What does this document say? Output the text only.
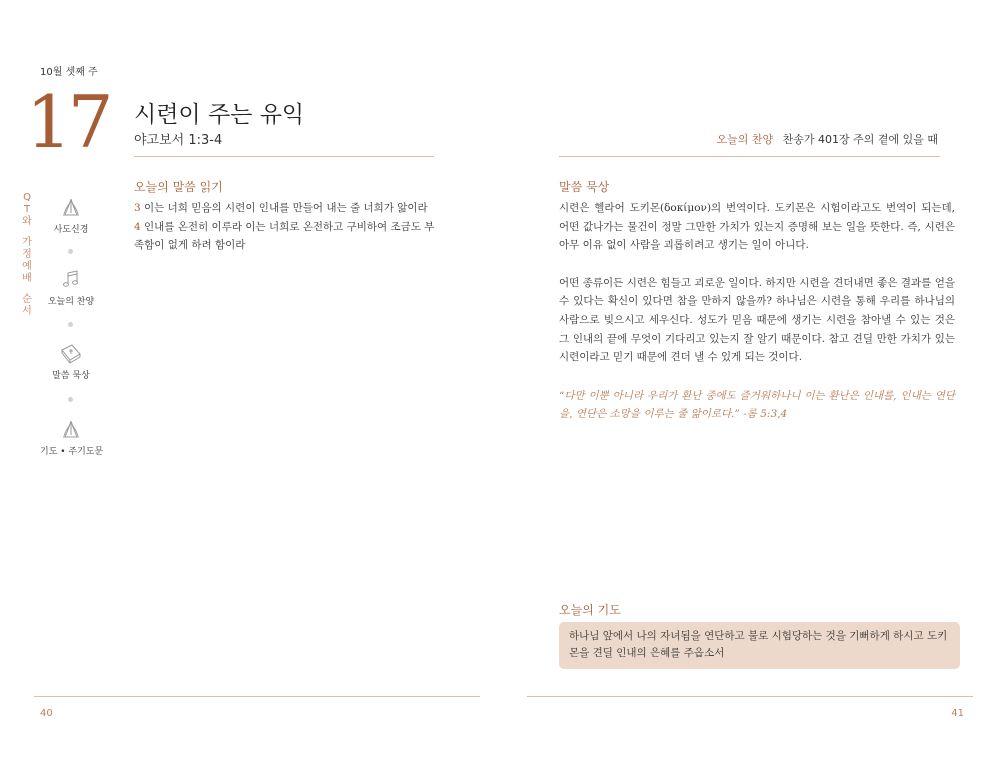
10월 셋째 주
17 시련이 주는 유익
야고보서 1:3-4	오늘의 찬양 찬송가 401장 주의 곁에 있을 때
Q
T
와
가
정
예
배
순
서
사도신경
오늘의 찬양
말씀 묵상
기도 • 주기도문
오늘의 말씀 읽기
3 이는 너희 믿음의 시련이 인내를 만들어 내는 줄 너희가 앎이라
4 인내를 온전히 이루라 이는 너희로 온전하고 구비하여 조금도 부족함이 없게 하려 함이라
말씀 묵상
시련은 헬라어 도키몬(δοκίμον)의 번역이다. 도키몬은 시험이라고도 번역이 되는데, 어떤 값나가는 물건이 정말 그만한 가치가 있는지 증명해 보는 일을 뜻한다. 즉, 시련은 아무 이유 없이 사람을 괴롭히려고 생기는 일이 아니다.
어떤 종류이든 시련은 힘들고 괴로운 일이다. 하지만 시련을 견더내면 좋은 결과를 얻을 수 있다는 확신이 있다면 참을 만하지 않을까? 하나님은 시련을 통해 우리를 하나님의 사람으로 빚으시고 세우신다. 성도가 믿음 때문에 생기는 시련을 참아낼 수 있는 것은 그 인내의 끝에 무엇이 기다리고 있는지 잘 알기 때문이다. 참고 견딜 만한 가치가 있는 시련이라고 믿기 때문에 견더 낼 수 있게 되는 것이다.
“다만 이뿐 아니라 우리가 환난 중에도 즐거워하나니 이는 환난은 인내를, 인내는 연단을, 연단은 소망을 이루는 줄 앎이로다.” -롬 5:3,4
오늘의 기도
하나님 앞에서 나의 자녀됨을 연단하고 불로 시험당하는 것을 기뻐하게 하시고 도키몬을 견딜 인내의 은혜를 주옵소서
40	41
